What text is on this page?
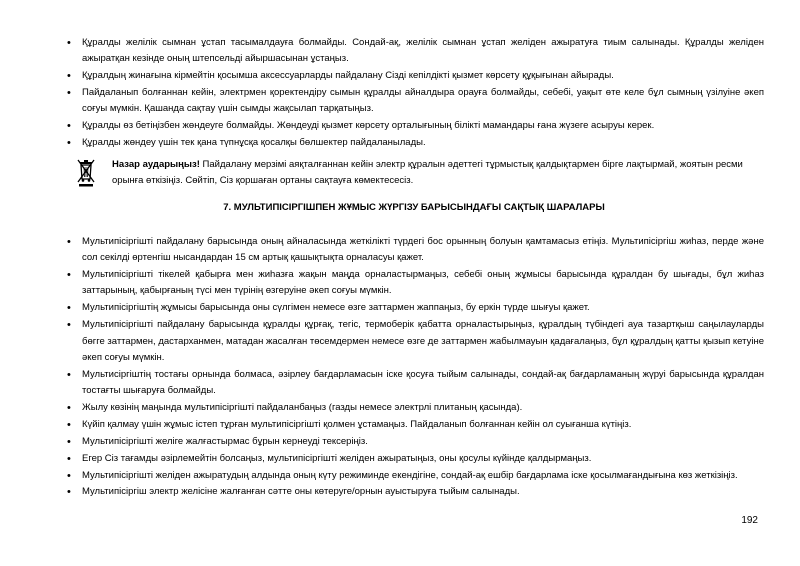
• Құралды желілік сымнан ұстап тасымалдауға болмайды. Сондай-ақ, желілік сымнан ұстап желіден ажыратуға тиым салынады. Құралды желіден ажыратқан кезінде оның штепсельді айыршасынан ұстаңыз.
• Құралдың жинағына кірмейтін қосымша аксессуарларды пайдалану Сізді кепілдікті қызмет көрсету құқығынан айырады.
• Пайдаланып болғаннан кейін, электрмен қоректендіру сымын құралды айналдыра орауға болмайды, себебі, уақыт өте келе бұл сымның үзілуіне әкеп соғуы мүмкін. Қашанда сақтау үшін сымды жақсылап тарқатыңыз.
• Құралды өз бетіңізбен жөндеуге болмайды. Жөндеуді қызмет көрсету орталығының білікті мамандары ғана жүзеге асыруы керек.
• Құралды жөндеу үшін тек қана түпнұсқа қосалқы бөлшектер пайдаланылады.
Назар аударыңыз! Пайдалану мерзімі аяқталғаннан кейін электр құралын әдеттегі тұрмыстық қалдықтармен бірге лақтырмай, жоятын ресми орынға өткізіңіз. Сөйтіп, Сіз қоршаған ортаны сақтауға көмектесесіз.
7. МУЛЬТИПІСІРГІШПЕН ЖҰМЫС ЖҮРГІЗУ БАРЫСЫНДАҒЫ САҚТЫҚ ШАРАЛАРЫ
• Мультипісіргішті пайдалану барысында оның айналасында жеткілікті түрдегі бос орынның болуын қамтамасыз етіңіз. Мультипісіргіш жиһаз, перде және сол секілді өртенгіш нысандардан 15 см артық қашықтықта орналасуы қажет.
• Мультипісіргішті тікелей қабырға мен жиһазға жақын маңда орналастырмаңыз, себебі оның жұмысы барысында құралдан бу шығады, бұл жиһаз заттарының, қабырғаның түсі мен түрінің өзгеруіне әкеп соғуы мүмкін.
• Мультипісіргіштің жұмысы барысында оны сүлгімен немесе өзге заттармен жаппаңыз, бу еркін түрде шығуы қажет.
• Мультипісіргішті пайдалану барысында құралды құрғақ, тегіс, термоберік қабатта орналастырыңыз, құралдың түбіндегі ауа тазартқыш саңылауларды бөгге заттармен, дастарханмен, матадан жасалған төсемдермен немесе өзге де заттармен жабылмауын қадағалаңыз, бұл құралдың қатты қызып кетуіне әкеп соғуы мүмкін.
• Мультисіргіштің тостағы орнында болмаса, әзірлеу бағдарламасын іске қосуға тыйым салынады, сондай-ақ бағдарламаның жүруі барысында құралдан тостағты шығаруға болмайды.
• Жылу көзінің маңында мультипісіргішті пайдаланбаңыз (газды немесе электрлі плитаның қасында).
• Күйіп қалмау үшін жұмыс істеп тұрған мультипісіргішті қолмен ұстамаңыз. Пайдаланып болғаннан кейін ол суығанша күтіңіз.
• Мультипісіргішті желіге жалғастырмас бұрын кернеуді тексеріңіз.
• Егер Сіз тағамды әзірлемейтін болсаңыз, мультипісіргішті желіден ажыратыңыз, оны қосулы күйінде қалдырмаңыз.
• Мультипісіргішті желіден ажыратудың алдында оның күту режиминде екендігіне, сондай-ақ ешбір бағдарлама іске қосылмағандығына көз жеткізіңіз.
• Мультипісіргіш электр желісіне жалғанған сәтте оны көтеруге/орнын ауыстыруға тыйым салынады.
192
